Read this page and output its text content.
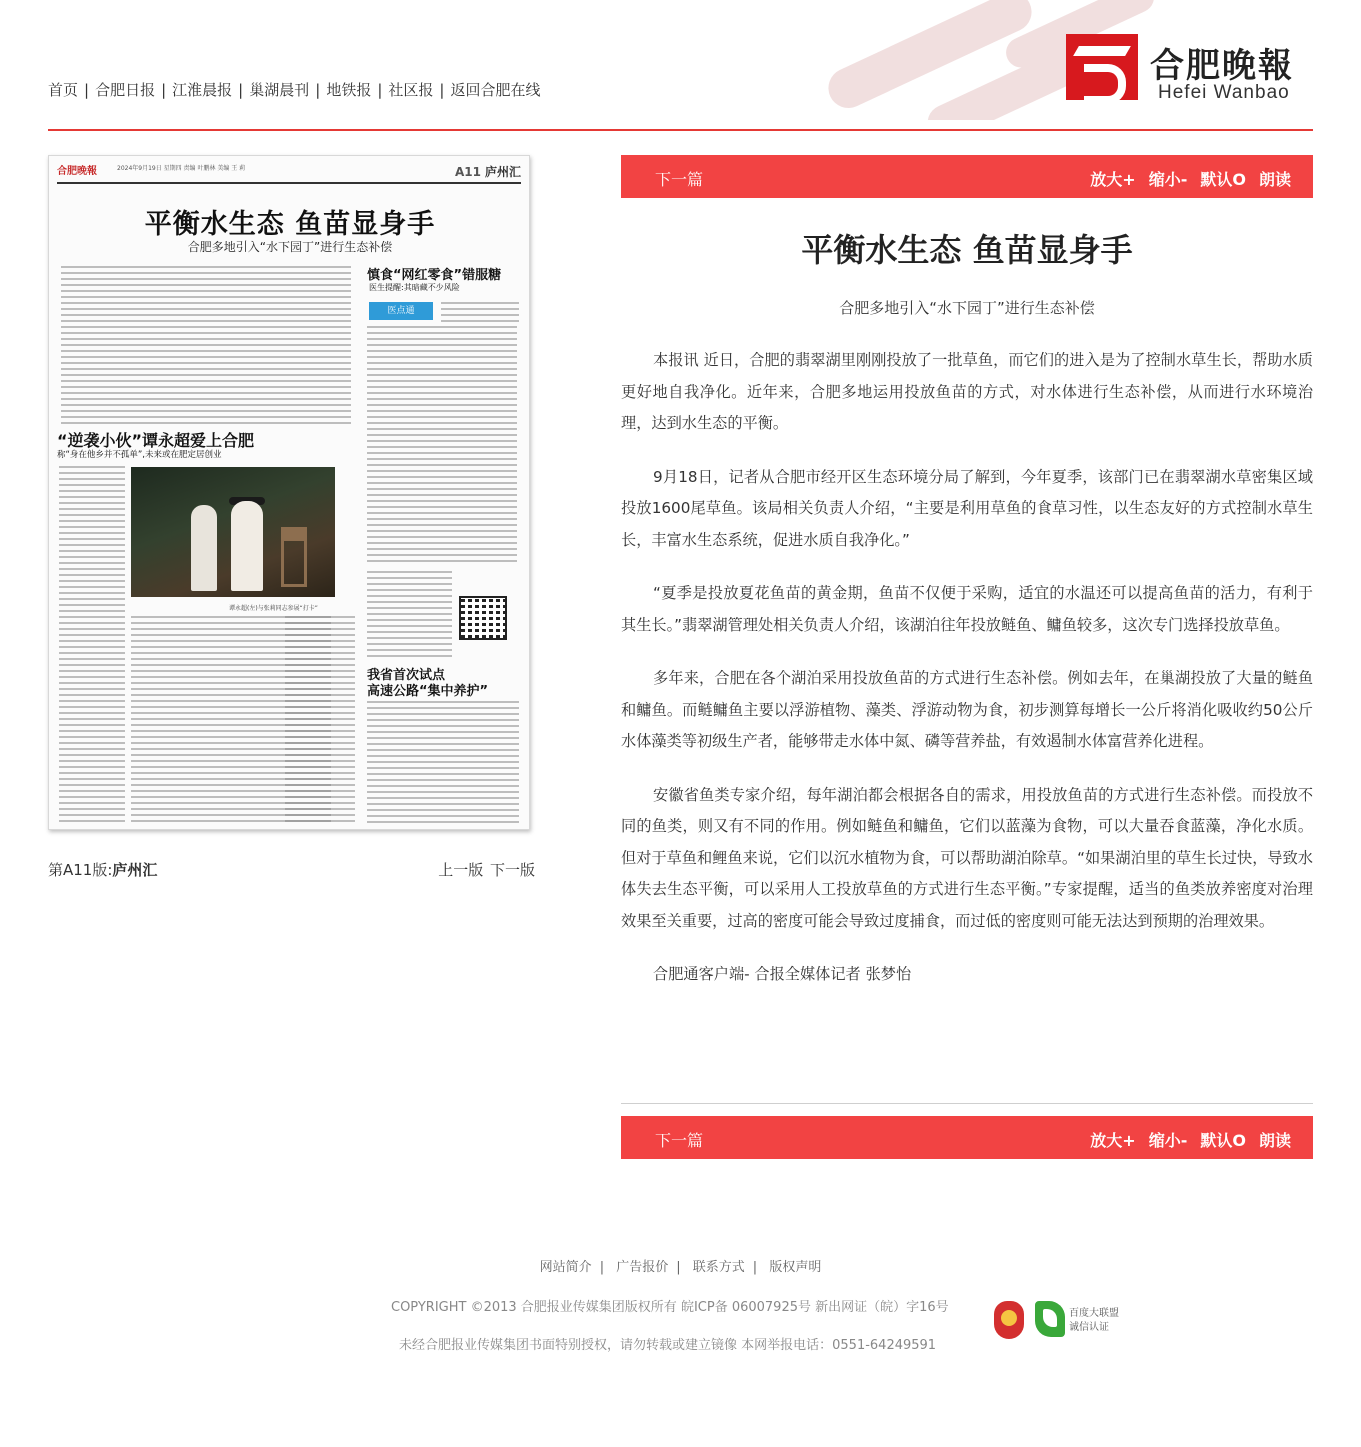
首页 | 合肥日报 | 江淮晨报 | 巢湖晨刊 | 地铁报 | 社区报 | 返回合肥在线
合肥晚報
Hefei Wanbao
合肥晚報	2024年9月19日 星期四 责编 叶鹏林 美编 王 莉	A11 庐州汇
平衡水生态 鱼苗显身手
合肥多地引入“水下园丁”进行生态补偿
慎食“网红零食”错服糖
医生提醒:其暗藏不少风险
医点通
“逆袭小伙”谭永超爱上合肥
称“身在他乡并不孤单”,未来或在肥定居创业
谭永超(左)与张莉同志参展“打卡”
我省首次试点
高速公路“集中养护”
第A11版:庐州汇	上一版 下一版
下一篇	放大+ 缩小- 默认O 朗读
平衡水生态 鱼苗显身手
合肥多地引入“水下园丁”进行生态补偿

本报讯 近日，合肥的翡翠湖里刚刚投放了一批草鱼，而它们的进入是为了控制水草生长，帮助水质更好地自我净化。近年来，合肥多地运用投放鱼苗的方式，对水体进行生态补偿，从而进行水环境治理，达到水生态的平衡。

9月18日，记者从合肥市经开区生态环境分局了解到，今年夏季，该部门已在翡翠湖水草密集区域投放1600尾草鱼。该局相关负责人介绍，“主要是利用草鱼的食草习性，以生态友好的方式控制水草生长，丰富水生态系统，促进水质自我净化。”

“夏季是投放夏花鱼苗的黄金期，鱼苗不仅便于采购，适宜的水温还可以提高鱼苗的活力，有利于其生长。”翡翠湖管理处相关负责人介绍，该湖泊往年投放鲢鱼、鳙鱼较多，这次专门选择投放草鱼。

多年来，合肥在各个湖泊采用投放鱼苗的方式进行生态补偿。例如去年，在巢湖投放了大量的鲢鱼和鳙鱼。而鲢鳙鱼主要以浮游植物、藻类、浮游动物为食，初步测算每增长一公斤将消化吸收约50公斤水体藻类等初级生产者，能够带走水体中氮、磷等营养盐，有效遏制水体富营养化进程。

安徽省鱼类专家介绍，每年湖泊都会根据各自的需求，用投放鱼苗的方式进行生态补偿。而投放不同的鱼类，则又有不同的作用。例如鲢鱼和鳙鱼，它们以蓝藻为食物，可以大量吞食蓝藻，净化水质。但对于草鱼和鲤鱼来说，它们以沉水植物为食，可以帮助湖泊除草。“如果湖泊里的草生长过快，导致水体失去生态平衡，可以采用人工投放草鱼的方式进行生态平衡。”专家提醒，适当的鱼类放养密度对治理效果至关重要，过高的密度可能会导致过度捕食，而过低的密度则可能无法达到预期的治理效果。

合肥通客户端- 合报全媒体记者 张梦怡

下一篇	放大+ 缩小- 默认O 朗读
网站简介 | 广告报价 | 联系方式 | 版权声明
COPYRIGHT ©2013 合肥报业传媒集团版权所有 皖ICP备 06007925号 新出网证（皖）字16号
未经合肥报业传媒集团书面特别授权，请勿转载或建立镜像 本网举报电话：0551-64249591
百度大联盟
诚信认证
